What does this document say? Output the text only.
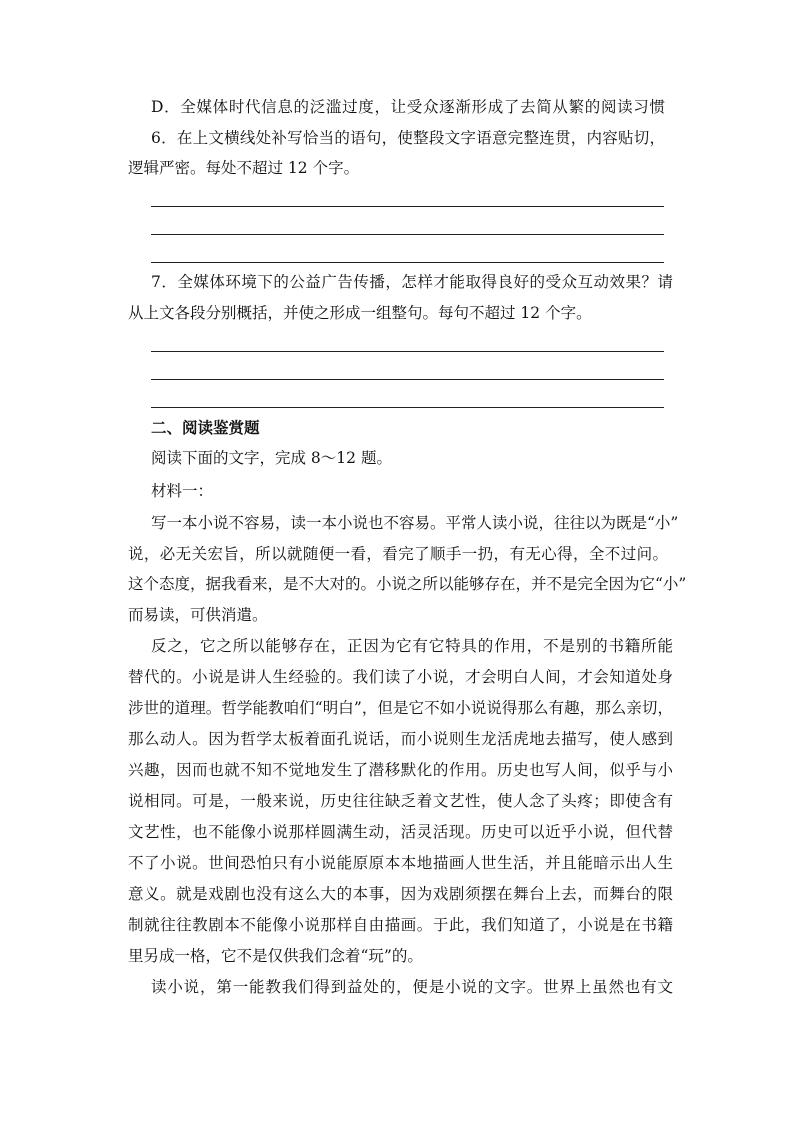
D．全媒体时代信息的泛滥过度，让受众逐渐形成了去简从繁的阅读习惯
6．在上文横线处补写恰当的语句，使整段文字语意完整连贯，内容贴切，
逻辑严密。每处不超过 12 个字。
7．全媒体环境下的公益广告传播，怎样才能取得良好的受众互动效果？请
从上文各段分别概括，并使之形成一组整句。每句不超过 12 个字。
二、阅读鉴赏题
阅读下面的文字，完成 8～12 题。
材料一：
写一本小说不容易，读一本小说也不容易。平常人读小说，往往以为既是“小”
说，必无关宏旨，所以就随便一看，看完了顺手一扔，有无心得，全不过问。
这个态度，据我看来，是不大对的。小说之所以能够存在，并不是完全因为它“小”
而易读，可供消遣。
反之，它之所以能够存在，正因为它有它特具的作用，不是别的书籍所能
替代的。小说是讲人生经验的。我们读了小说，才会明白人间，才会知道处身
涉世的道理。哲学能教咱们“明白”，但是它不如小说说得那么有趣，那么亲切，
那么动人。因为哲学太板着面孔说话，而小说则生龙活虎地去描写，使人感到
兴趣，因而也就不知不觉地发生了潜移默化的作用。历史也写人间，似乎与小
说相同。可是，一般来说，历史往往缺乏着文艺性，使人念了头疼；即使含有
文艺性，也不能像小说那样圆满生动，活灵活现。历史可以近乎小说，但代替
不了小说。世间恐怕只有小说能原原本本地描画人世生活，并且能暗示出人生
意义。就是戏剧也没有这么大的本事，因为戏剧须摆在舞台上去，而舞台的限
制就往往教剧本不能像小说那样自由描画。于此，我们知道了，小说是在书籍
里另成一格，它不是仅供我们念着“玩”的。
读小说，第一能教我们得到益处的，便是小说的文字。世界上虽然也有文
